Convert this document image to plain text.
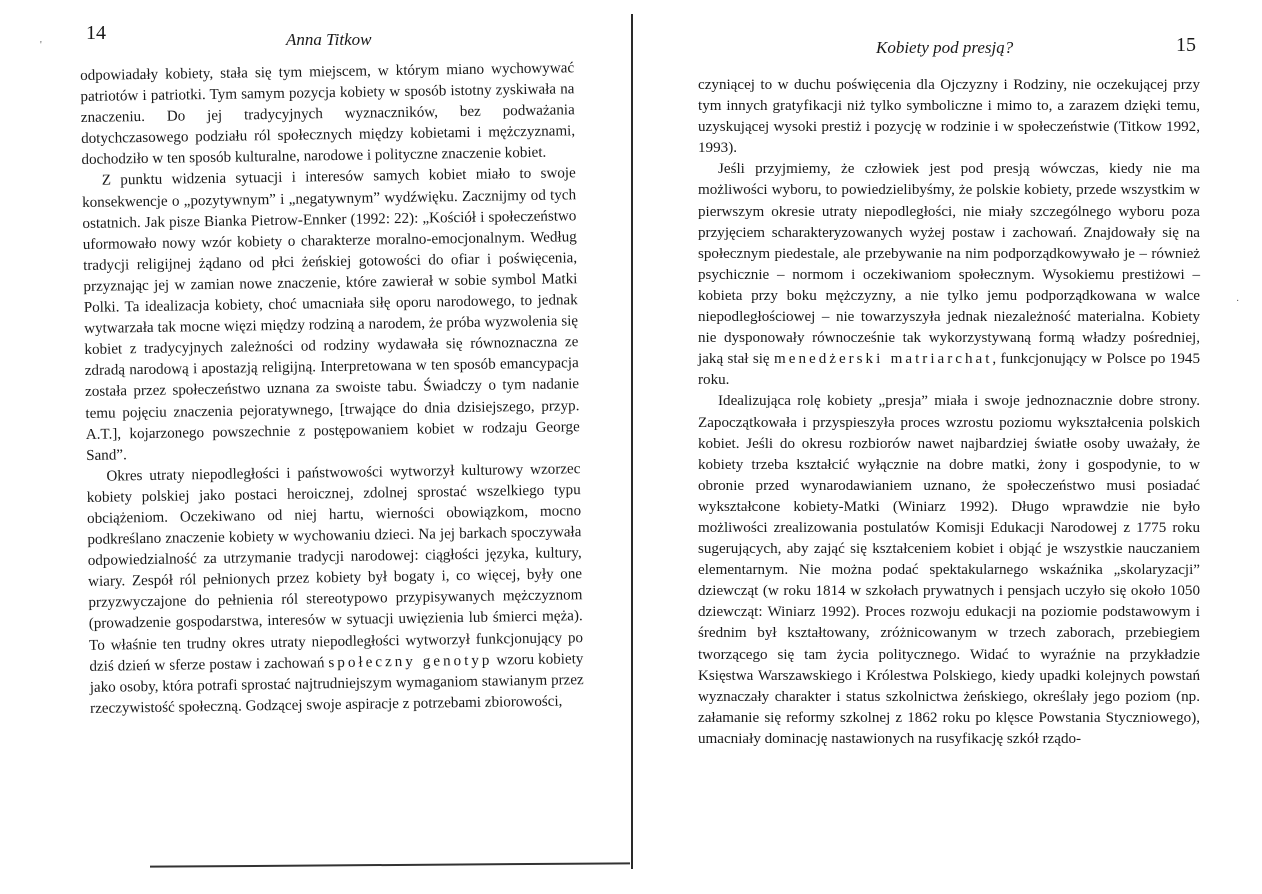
'
14	Anna Titkow

odpowiadały kobiety, stała się tym miejscem, w którym miano wychowywać patriotów i patriotki. Tym samym pozycja kobiety w sposób istotny zyskiwała na znaczeniu. Do jej tradycyjnych wyznaczników, bez podważania dotychczasowego podziału ról społecznych między kobietami i mężczyznami, dochodziło w ten sposób kulturalne, narodowe i polityczne znaczenie kobiet.

Z punktu widzenia sytuacji i interesów samych kobiet miało to swoje konsekwencje o „pozytywnym” i „negatywnym” wydźwięku. Zacznijmy od tych ostatnich. Jak pisze Bianka Pietrow-Ennker (1992: 22): „Kościół i społeczeństwo uformowało nowy wzór kobiety o charakterze moralno-emocjonalnym. Według tradycji religijnej żądano od płci żeńskiej gotowości do ofiar i poświęcenia, przyznając jej w zamian nowe znaczenie, które zawierał w sobie symbol Matki Polki. Ta idealizacja kobiety, choć umacniała siłę oporu narodowego, to jednak wytwarzała tak mocne więzi między rodziną a narodem, że próba wyzwolenia się kobiet z tradycyjnych zależności od rodziny wydawała się równoznaczna ze zdradą narodową i apostazją religijną. Interpretowana w ten sposób emancypacja została przez społeczeństwo uznana za swoiste tabu. Świadczy o tym nadanie temu pojęciu znaczenia pejoratywnego, [trwające do dnia dzisiejszego, przyp. A.T.], kojarzonego powszechnie z postępowaniem kobiet w rodzaju George Sand”.

Okres utraty niepodległości i państwowości wytworzył kulturowy wzorzec kobiety polskiej jako postaci heroicznej, zdolnej sprostać wszelkiego typu obciążeniom. Oczekiwano od niej hartu, wierności obowiązkom, mocno podkreślano znaczenie kobiety w wychowaniu dzieci. Na jej barkach spoczywała odpowiedzialność za utrzymanie tradycji narodowej: ciągłości języka, kultury, wiary. Zespół ról pełnionych przez kobiety był bogaty i, co więcej, były one przyzwyczajone do pełnienia ról stereotypowo przypisywanych mężczyznom (prowadzenie gospodarstwa, interesów w sytuacji uwięzienia lub śmierci męża). To właśnie ten trudny okres utraty niepodległości wytworzył funkcjonujący po dziś dzień w sferze postaw i zachowań społeczny genotyp wzoru kobiety jako osoby, która potrafi sprostać najtrudniejszym wymaganiom stawianym przez rzeczywistość społeczną. Godzącej swoje aspiracje z potrzebami zbiorowości,

Kobiety pod presją?	15
·

czyniącej to w duchu poświęcenia dla Ojczyzny i Rodziny, nie oczekującej przy tym innych gratyfikacji niż tylko symboliczne i mimo to, a zarazem dzięki temu, uzyskującej wysoki prestiż i pozycję w rodzinie i w społeczeństwie (Titkow 1992, 1993).

Jeśli przyjmiemy, że człowiek jest pod presją wówczas, kiedy nie ma możliwości wyboru, to powiedzielibyśmy, że polskie kobiety, przede wszystkim w pierwszym okresie utraty niepodległości, nie miały szczególnego wyboru poza przyjęciem scharakteryzowanych wyżej postaw i zachowań. Znajdowały się na społecznym piedestale, ale przebywanie na nim podporządkowywało je – również psychicznie – normom i oczekiwaniom społecznym. Wysokiemu prestiżowi – kobieta przy boku mężczyzny, a nie tylko jemu podporządkowana w walce niepodległościowej – nie towarzyszyła jednak niezależność materialna. Kobiety nie dysponowały równocześnie tak wykorzystywaną formą władzy pośredniej, jaką stał się menedżerski matriarchat, funkcjonujący w Polsce po 1945 roku.

Idealizująca rolę kobiety „presja” miała i swoje jednoznacznie dobre strony. Zapoczątkowała i przyspieszyła proces wzrostu poziomu wykształcenia polskich kobiet. Jeśli do okresu rozbiorów nawet najbardziej światłe osoby uważały, że kobiety trzeba kształcić wyłącznie na dobre matki, żony i gospodynie, to w obronie przed wynarodawianiem uznano, że społeczeństwo musi posiadać wykształcone kobiety-Matki (Winiarz 1992). Długo wprawdzie nie było możliwości zrealizowania postulatów Komisji Edukacji Narodowej z 1775 roku sugerujących, aby zająć się kształceniem kobiet i objąć je wszystkie nauczaniem elementarnym. Nie można podać spektakularnego wskaźnika „skolaryzacji” dziewcząt (w roku 1814 w szkołach prywatnych i pensjach uczyło się około 1050 dziewcząt: Winiarz 1992). Proces rozwoju edukacji na poziomie podstawowym i średnim był kształtowany, zróżnicowanym w trzech zaborach, przebiegiem tworzącego się tam życia politycznego. Widać to wyraźnie na przykładzie Księstwa Warszawskiego i Królestwa Polskiego, kiedy upadki kolejnych powstań wyznaczały charakter i status szkolnictwa żeńskiego, określały jego poziom (np. załamanie się reformy szkolnej z 1862 roku po klęsce Powstania Styczniowego), umacniały dominację nastawionych na rusyfikację szkół rządo-
